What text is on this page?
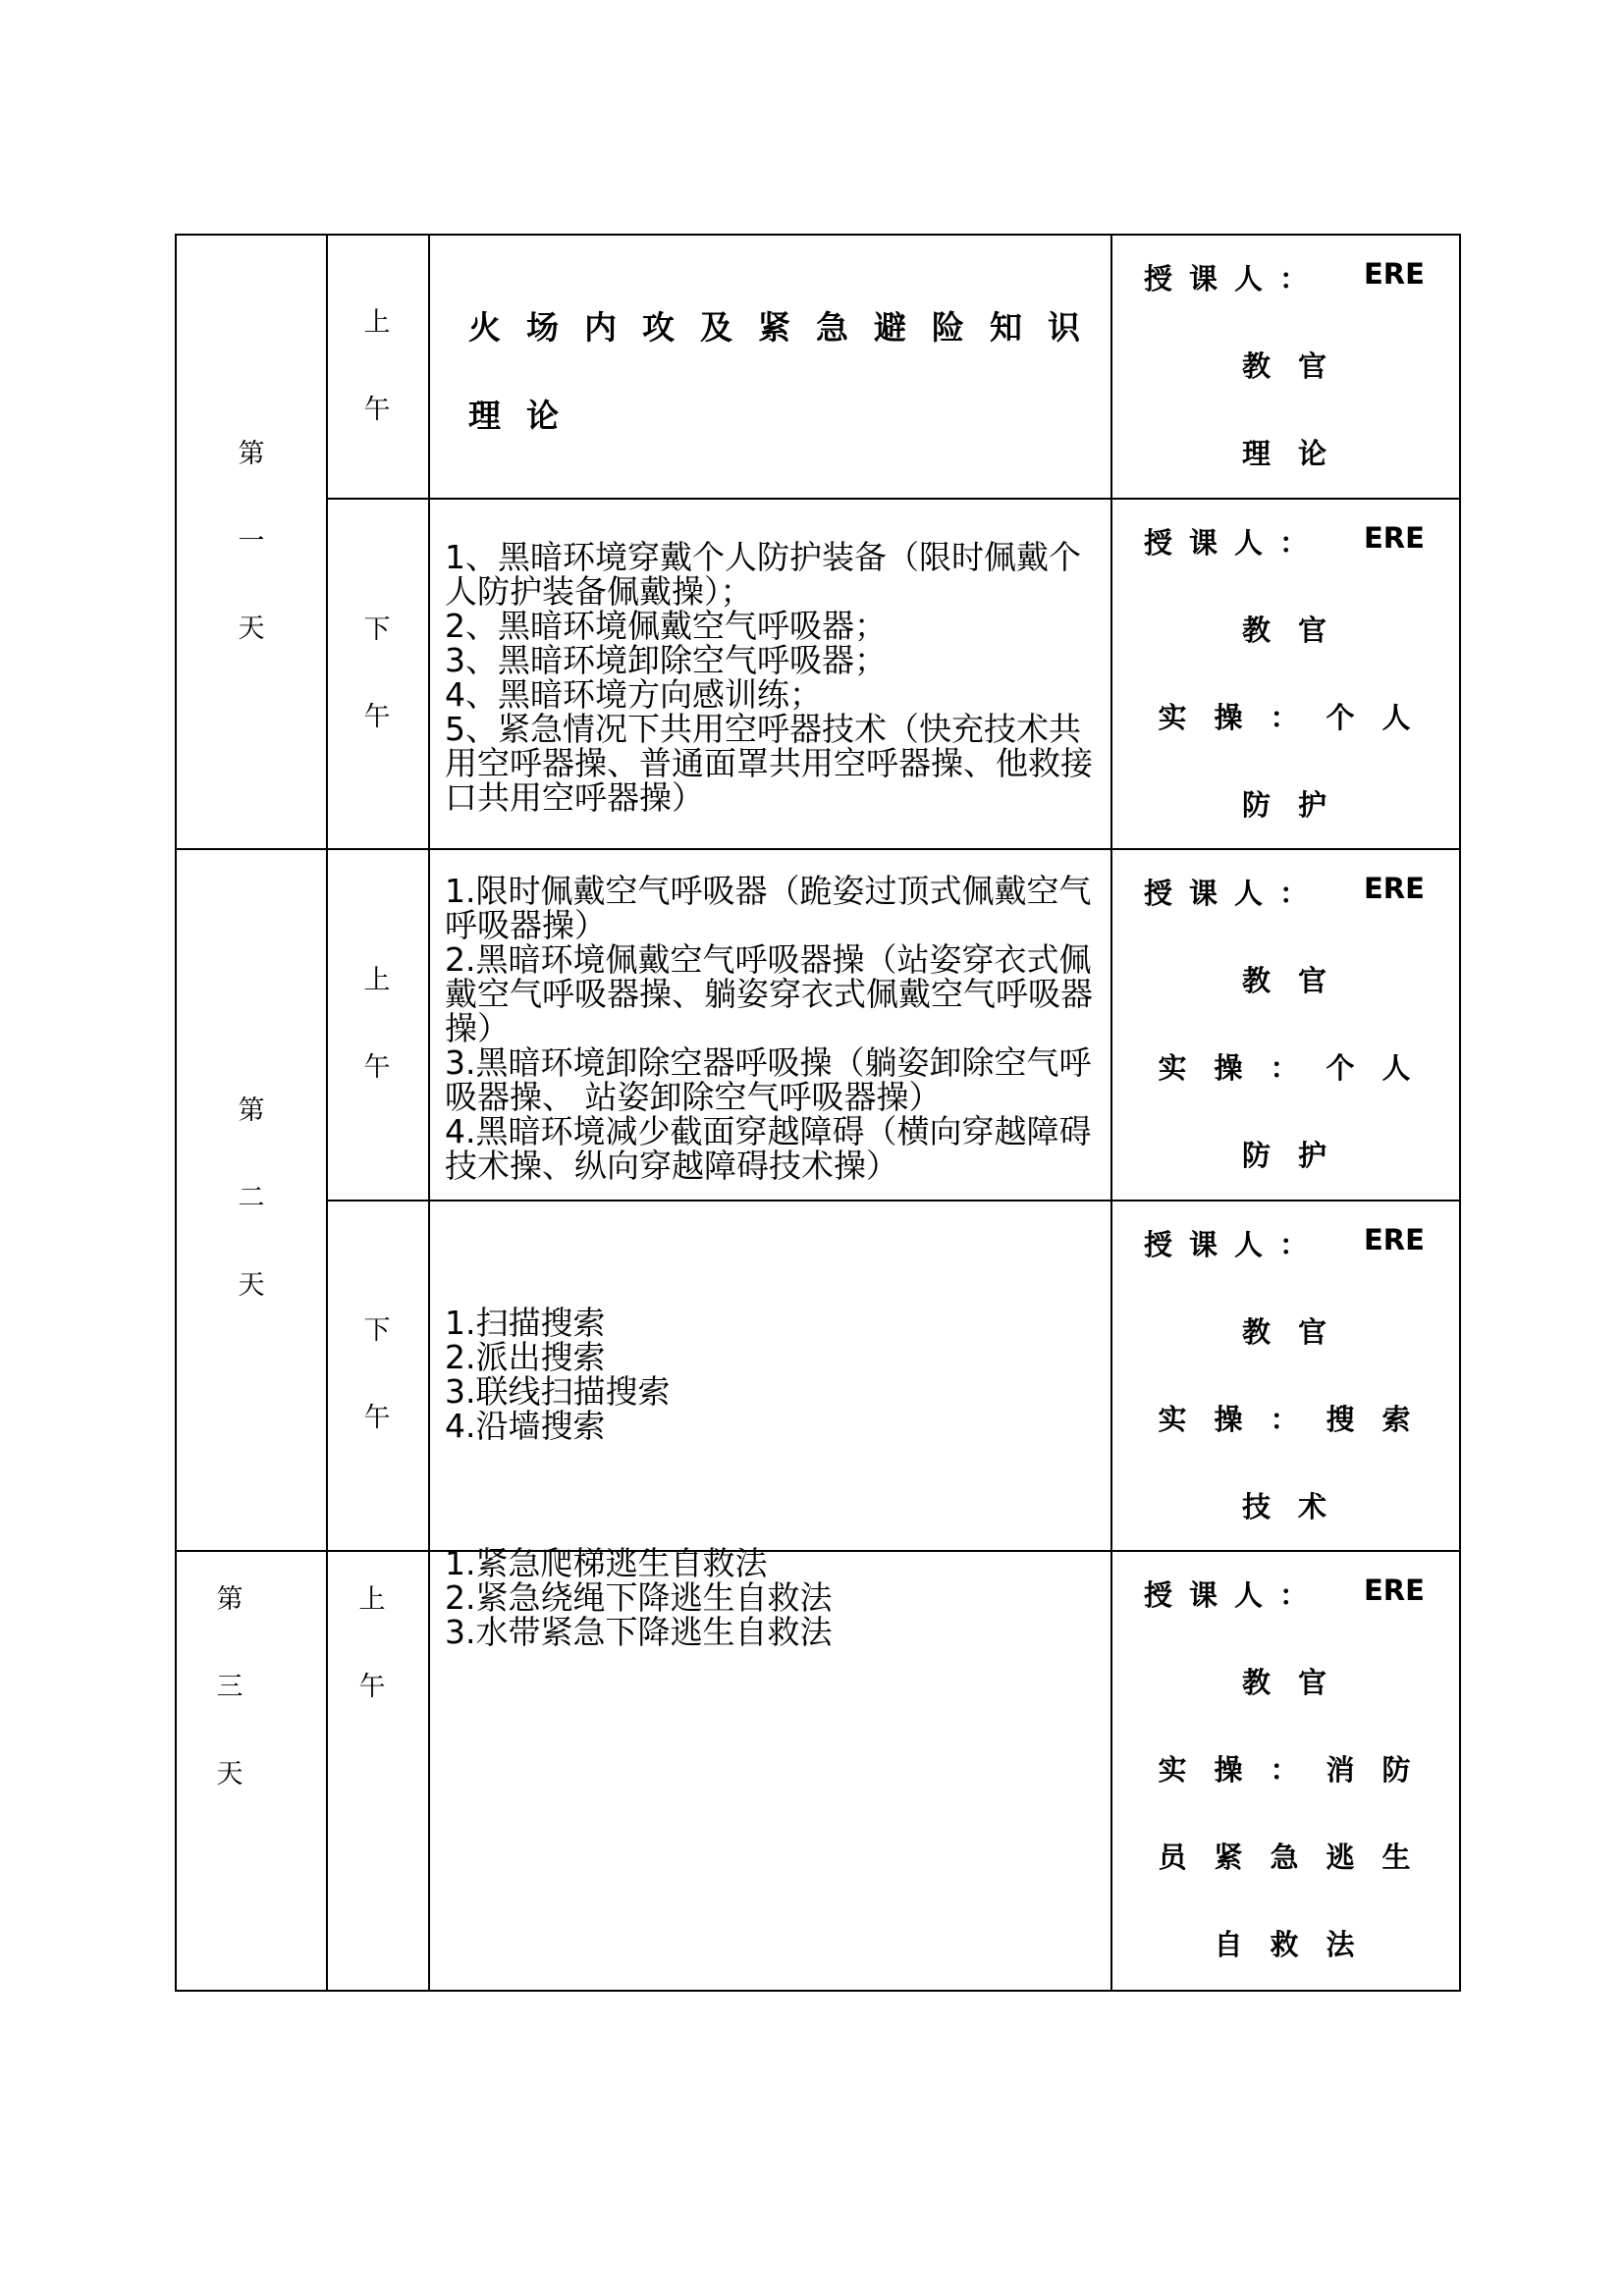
第
一
天
上
午
火场内攻及紧急避险知识
理论
授 课 人 ： ERE
教官
理论
下
午
1、黑暗环境穿戴个人防护装备（限时佩戴个人防护装备佩戴操）；
2、黑暗环境佩戴空气呼吸器；
3、黑暗环境卸除空气呼吸器；
4、黑暗环境方向感训练；
5、紧急情况下共用空呼器技术（快充技术共用空呼器操、普通面罩共用空呼器操、他救接口共用空呼器操）
授 课 人 ： ERE
教官
实操：个人
防护
第
二
天
上
午
1.限时佩戴空气呼吸器（跪姿过顶式佩戴空气呼吸器操）
2.黑暗环境佩戴空气呼吸器操（站姿穿衣式佩戴空气呼吸器操、躺姿穿衣式佩戴空气呼吸器操）
3.黑暗环境卸除空器呼吸操（躺姿卸除空气呼吸器操、 站姿卸除空气呼吸器操）
4.黑暗环境减少截面穿越障碍（横向穿越障碍技术操、纵向穿越障碍技术操）
授 课 人 ： ERE
教官
实操：个人
防护
下
午
1.扫描搜索
2.派出搜索
3.联线扫描搜索
4.沿墙搜索
授 课 人 ： ERE
教官
实操：搜索
技术
第
三
天
上
午
1.紧急爬梯逃生自救法
2.紧急绕绳下降逃生自救法
3.水带紧急下降逃生自救法
授 课 人 ： ERE
教官
实操：消防
员紧急逃生
自救法
